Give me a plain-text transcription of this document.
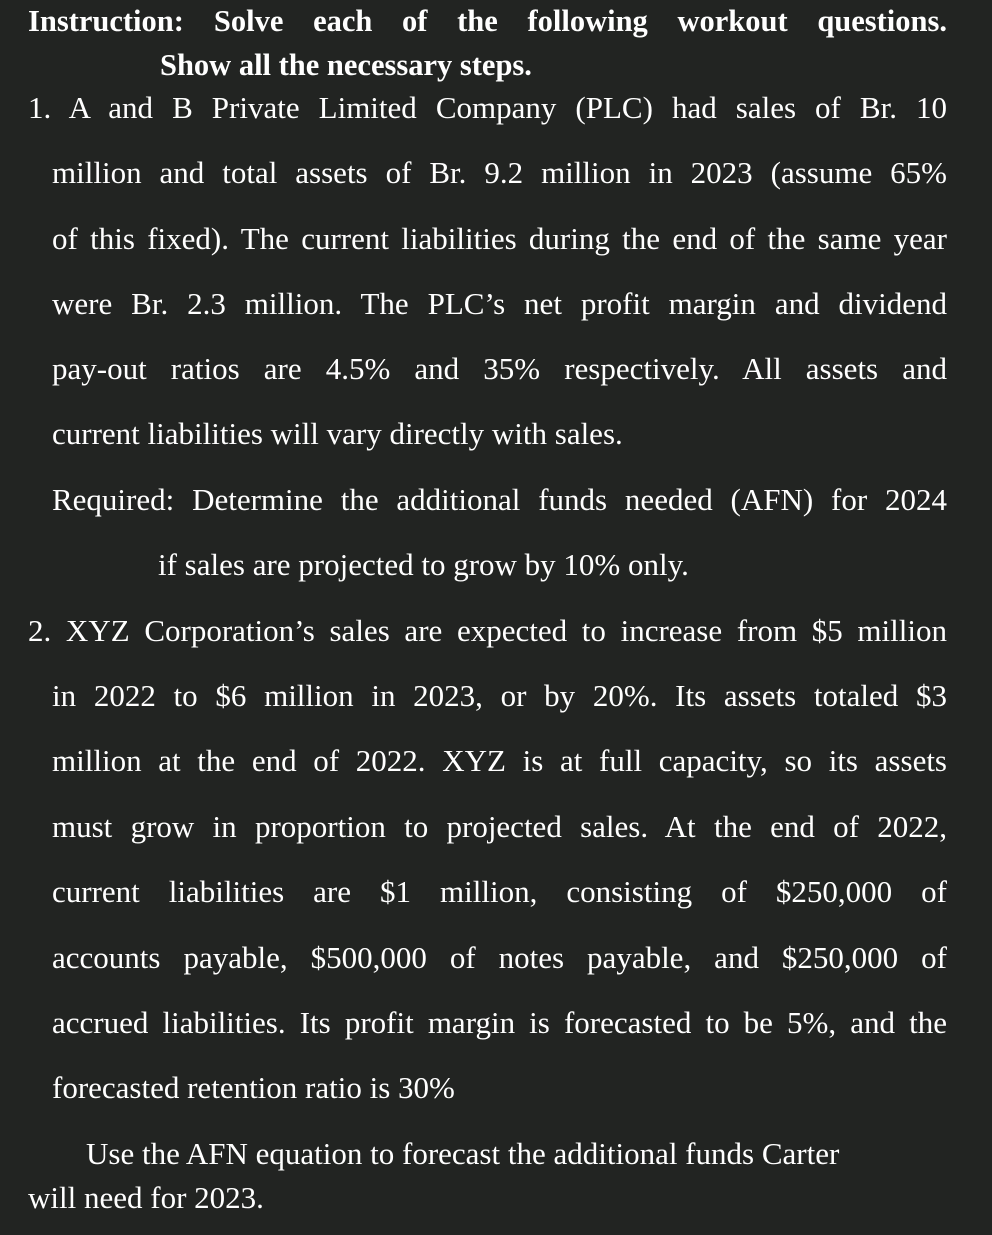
Instruction: Solve each of the following workout questions.
Show all the necessary steps.
1. A and B Private Limited Company (PLC) had sales of Br. 10
million and total assets of Br. 9.2 million in 2023 (assume 65%
of this fixed). The current liabilities during the end of the same year
were Br. 2.3 million. The PLC’s net profit margin and dividend
pay-out ratios are 4.5% and 35% respectively. All assets and
current liabilities will vary directly with sales.
Required: Determine the additional funds needed (AFN) for 2024
if sales are projected to grow by 10% only.
2. XYZ Corporation’s sales are expected to increase from $5 million
in 2022 to $6 million in 2023, or by 20%. Its assets totaled $3
million at the end of 2022. XYZ is at full capacity, so its assets
must grow in proportion to projected sales. At the end of 2022,
current liabilities are $1 million, consisting of $250,000 of
accounts payable, $500,000 of notes payable, and $250,000 of
accrued liabilities. Its profit margin is forecasted to be 5%, and the
forecasted retention ratio is 30%
Use the AFN equation to forecast the additional funds Carter
will need for 2023.
